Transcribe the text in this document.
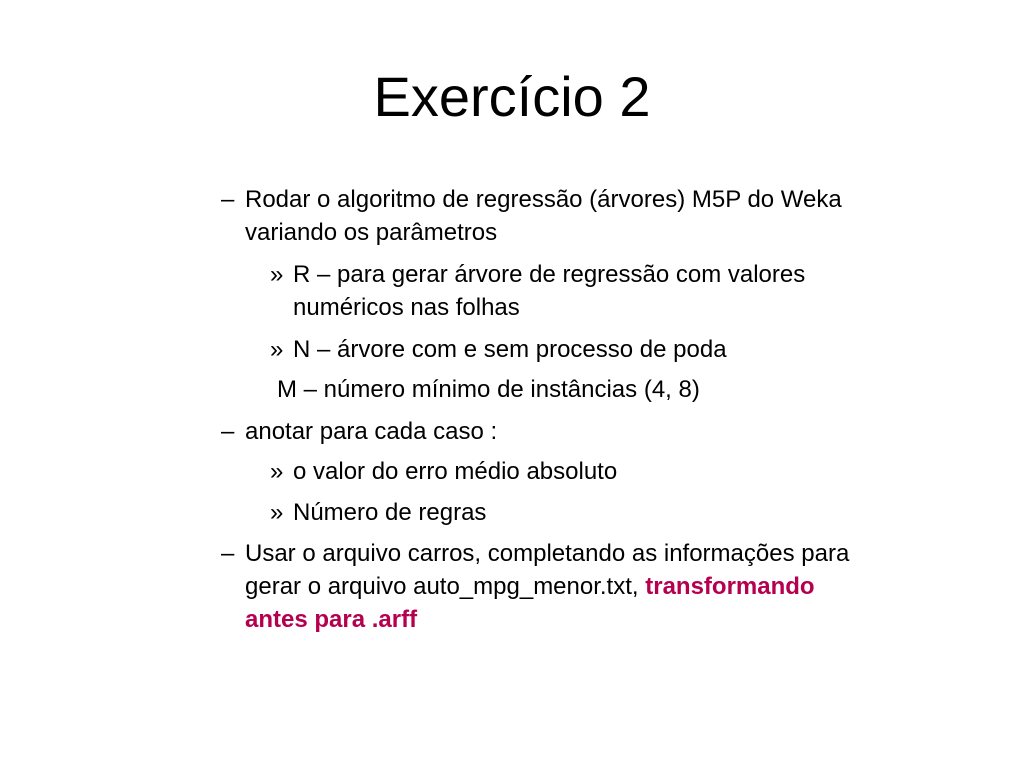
Exercício 2
– Rodar o algoritmo de regressão (árvores) M5P do Weka
variando os parâmetros
» R – para gerar árvore de regressão com valores
numéricos nas folhas
» N – árvore com e sem processo de poda
M – número mínimo de instâncias (4, 8)
– anotar para cada caso :
» o valor do erro médio absoluto
» Número de regras
– Usar o arquivo carros, completando as informações para
gerar o arquivo auto_mpg_menor.txt, transformando
antes para .arff
